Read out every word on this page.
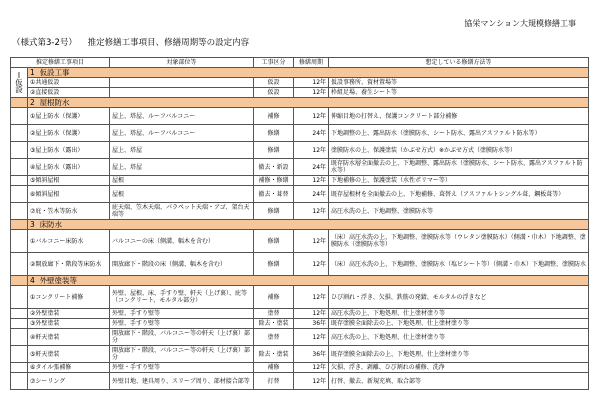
協栄マンション大規模修繕工事
（様式第3-2号） 推定修繕工事項目、修繕周期等の設定内容
推定修繕工事項目		対象部位等	工事区分	修繕周期	想定している修繕方法等

I
仮設	1 仮設工事				
	①共通仮設		仮設	12年	仮設事務所、資材置場等
	②直接仮設		仮設	12年	枠組足場、養生シート等
	2 屋根防水				
	①屋上防水（保護）	屋上、塔屋、ルーフバルコニー	補修	12年	伸縮目地の打替え、保護コンクリート部分補修
	②屋上防水（保護）	屋上、塔屋、ルーフバルコニー	修繕	24年	下地調整の上、露出防水（塗膜防水、シート防水、露出アスファルト防水等）
	③屋上防水（露出）	屋上、塔屋	修繕	12年	塗膜防水の上、保護塗装（かぶせ方式）※かぶせ方式（塗膜防水等）
	④屋上防水（露出）	屋上、塔屋	撤去・新設	24年	既存防水層全面撤去の上、下地調整、露出防水（塗膜防水、シート防水、露出アスファルト防水等）
	⑤傾斜屋根	屋根	補修・修繕	12年	下地補修の上、保護塗装（水性ポリマー等）
	⑥傾斜屋根	屋根	撤去・葺替	24年	既存屋根材を全面撤去の上、下地補修、葺替え（アスファルトシングル葺、鋼板葺等）
	⑦庇・笠木等防水	庇天端、笠木天端、パラペット天端・アゴ、架台天端等	修繕	12年	高圧水洗の上、下地調整、塗膜防水等
	3 床防水				
	①バルコニー床防水	バルコニーの床（側溝、幅木を含む）	修繕	12年	（床）高圧水洗の上、下地調整、塗膜防水等（ウレタン塗膜防水）（側溝・巾木）下地調整、塗膜防水（塗膜防水等）
	②開放廊下・階段等床防水	開放廊下・階段の床（側溝、幅木を含む）	修繕	12年	（床）高圧水洗の上、下地調整、塗膜防水（塩ビシート等）（側溝・巾木）下地調整、塗膜防水
	4 外壁塗装等				
	①コンクリート補修	外壁、屋根、床、手すり壁、軒天（上げ裏）、庇等（コンクリート、モルタル部分）	補修	12年	ひび割れ・浮き、欠損、鉄筋の発錆、モルタルの浮きなど
	②外壁塗装	外壁、手すり壁等	塗替	12年	高圧水洗の上、下地処理、仕上塗材塗り等
	③外壁塗装	外壁、手すり壁等	除去・塗装	36年	既存塗膜全面除去の上、下地処理、仕上塗材塗り等
	④軒天塗装	開放廊下・階段、バルコニー等の軒天（上げ裏）部分	塗替	12年	高圧水洗の上、下地処理、仕上塗材塗り等
	⑤軒天塗装	開放廊下・階段、バルコニー等の軒天（上げ裏）部分	除去・塗装	36年	既存塗膜全面除去の上、下地処理、仕上塗材塗り等
	⑥タイル張補修	外壁・手すり壁等	補修	12年	欠損、浮き、剥離、ひび割れの補修、洗浄
	⑦シーリング	外壁目地、建具周り、スリーブ周り、部材接合部等	打替	12年	打替、撤去、新規充填、取合部等
